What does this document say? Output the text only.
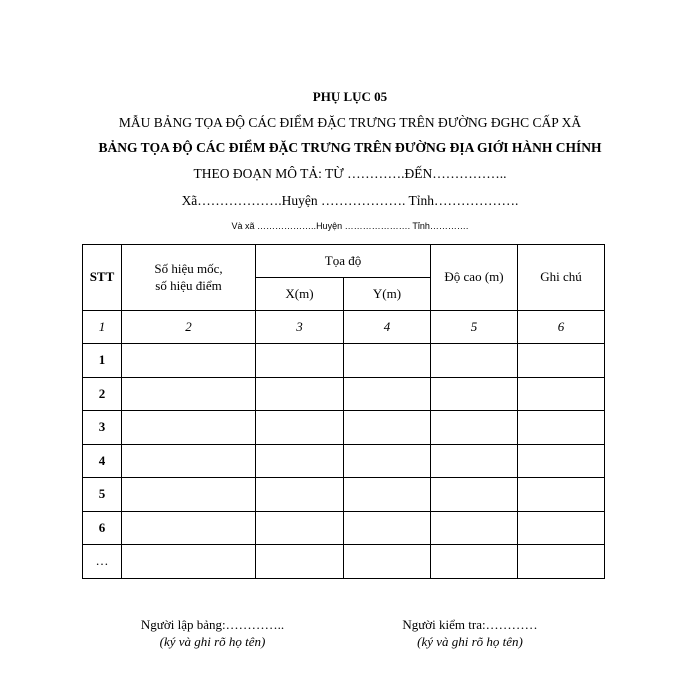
PHỤ LỤC 05
MẪU BẢNG TỌA ĐỘ CÁC ĐIỂM ĐẶC TRƯNG TRÊN ĐƯỜNG ĐGHC CẤP XÃ
BẢNG TỌA ĐỘ CÁC ĐIỂM ĐẶC TRƯNG TRÊN ĐƯỜNG ĐỊA GIỚI HÀNH CHÍNH
THEO ĐOẠN MÔ TẢ: TỪ ………….ĐẾN……………..
Xã……………….Huyện ………………. Tỉnh……………….
Và xã ………………..Huyện …………………. Tỉnh………….
STT	Số hiệu mốc,
số hiệu điểm	Tọa độ		Độ cao (m)	Ghi chú
		X(m)	Y(m)		
1	2	3	4	5	6
1					
2					
3					
4					
5					
6					
…					
Người lập bảng:…………..
(ký và ghi rõ họ tên)
Người kiểm tra:…………
(ký và ghi rõ họ tên)
